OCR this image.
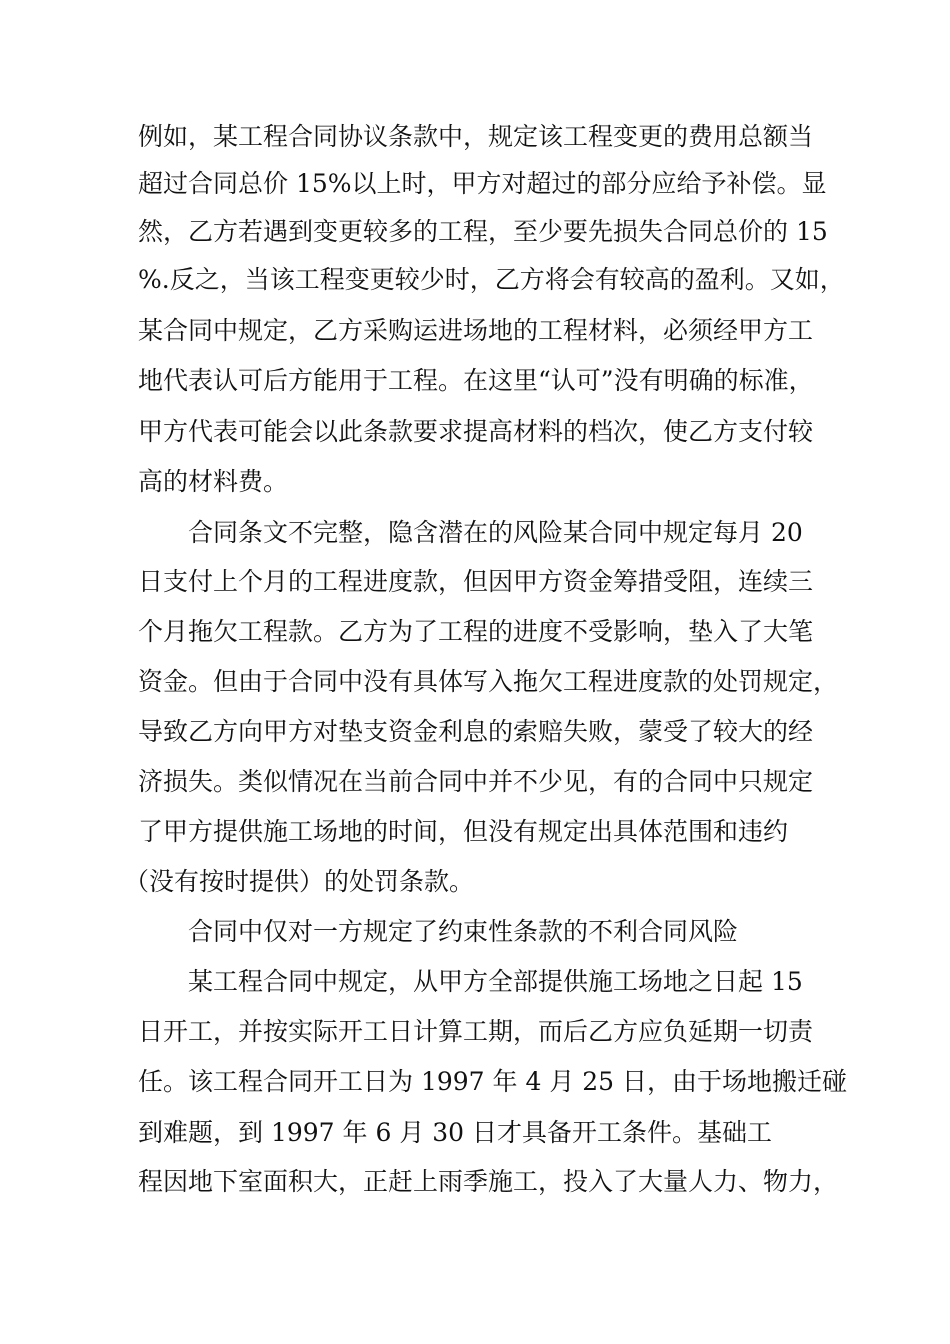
例如，某工程合同协议条款中，规定该工程变更的费用总额当
超过合同总价 15%以上时，甲方对超过的部分应给予补偿。显
然，乙方若遇到变更较多的工程，至少要先损失合同总价的 15
%.反之，当该工程变更较少时，乙方将会有较高的盈利。又如，
某合同中规定，乙方采购运进场地的工程材料，必须经甲方工
地代表认可后方能用于工程。在这里“认可”没有明确的标准，
甲方代表可能会以此条款要求提高材料的档次，使乙方支付较
高的材料费。
合同条文不完整，隐含潜在的风险某合同中规定每月 20
日支付上个月的工程进度款，但因甲方资金筹措受阻，连续三
个月拖欠工程款。乙方为了工程的进度不受影响，垫入了大笔
资金。但由于合同中没有具体写入拖欠工程进度款的处罚规定，
导致乙方向甲方对垫支资金利息的索赔失败，蒙受了较大的经
济损失。类似情况在当前合同中并不少见，有的合同中只规定
了甲方提供施工场地的时间，但没有规定出具体范围和违约
（没有按时提供）的处罚条款。
合同中仅对一方规定了约束性条款的不利合同风险
某工程合同中规定，从甲方全部提供施工场地之日起 15
日开工，并按实际开工日计算工期，而后乙方应负延期一切责
任。该工程合同开工日为 1997 年 4 月 25 日，由于场地搬迁碰
到难题，到 1997 年 6 月 30 日才具备开工条件。基础工
程因地下室面积大，正赶上雨季施工，投入了大量人力、物力，
